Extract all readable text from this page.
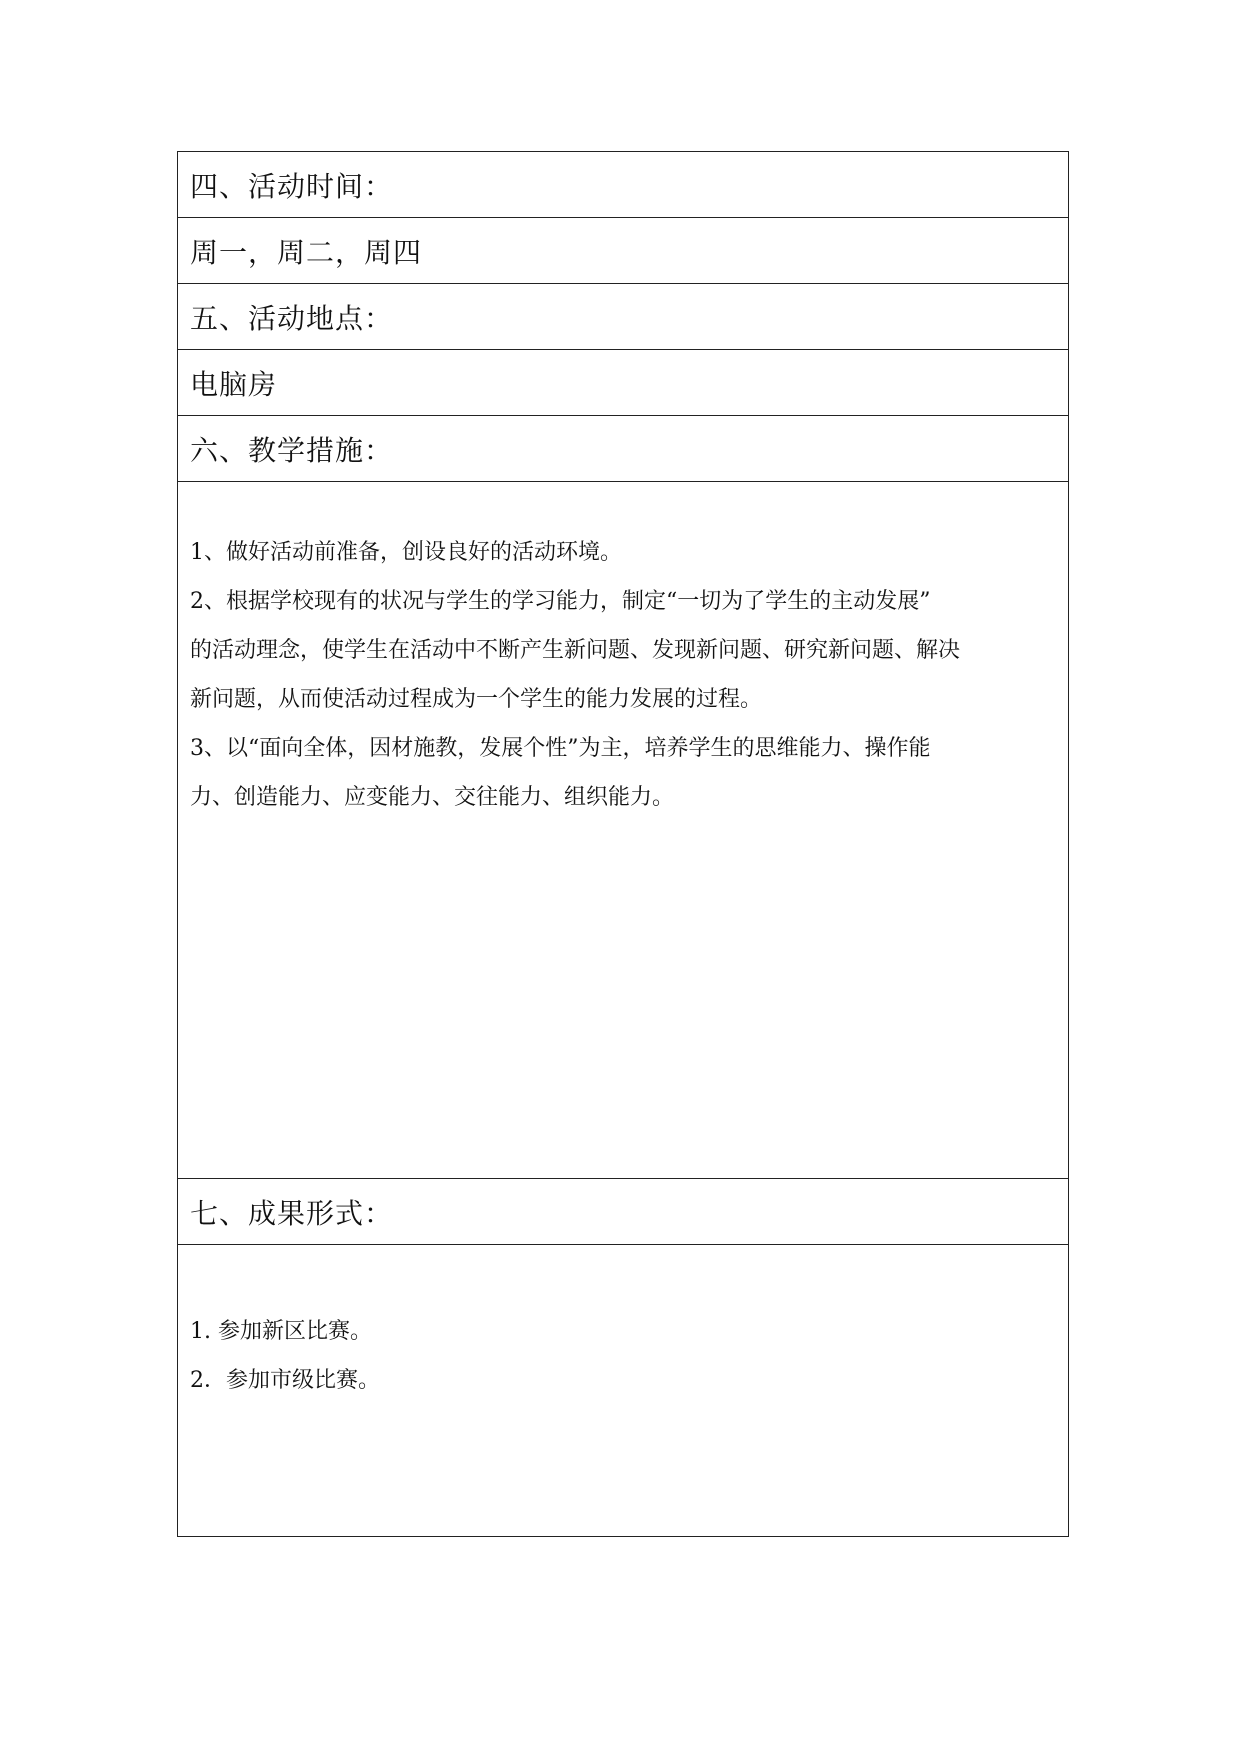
四、活动时间：
周一，周二，周四
五、活动地点：
电脑房
六、教学措施：

1、做好活动前准备，创设良好的活动环境。

2、根据学校现有的状况与学生的学习能力，制定“一切为了学生的主动发展”

的活动理念，使学生在活动中不断产生新问题、发现新问题、研究新问题、解决

新问题，从而使活动过程成为一个学生的能力发展的过程。

3、以“面向全体，因材施教，发展个性”为主，培养学生的思维能力、操作能

力、创造能力、应变能力、交往能力、组织能力。

七、成果形式：

1. 参加新区比赛。

2．参加市级比赛。
